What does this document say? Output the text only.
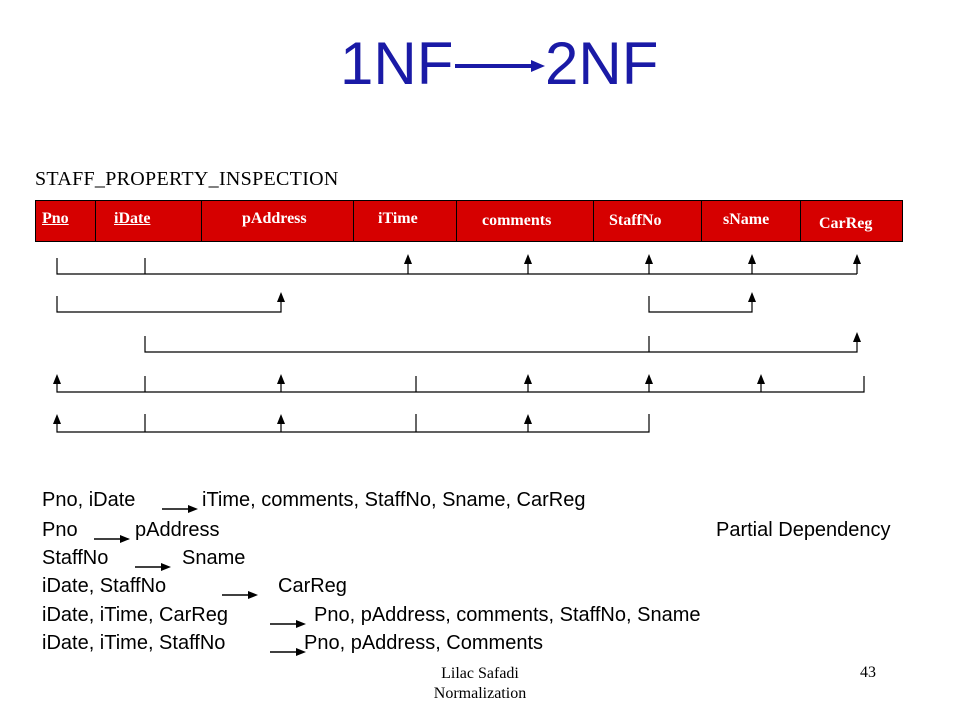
1NF 2NF
STAFF_PROPERTY_INSPECTION
Pno	iDate	pAddress	iTime	comments	StaffNo	sName	CarReg
Pno, iDate	iTime, comments, StaffNo, Sname, CarReg
Pno	pAddress	Partial Dependency
StaffNo	Sname
iDate, StaffNo	CarReg
iDate, iTime, CarReg	Pno, pAddress, comments, StaffNo, Sname
iDate, iTime, StaffNo	Pno, pAddress, Comments
Lilac Safadi
Normalization
43
